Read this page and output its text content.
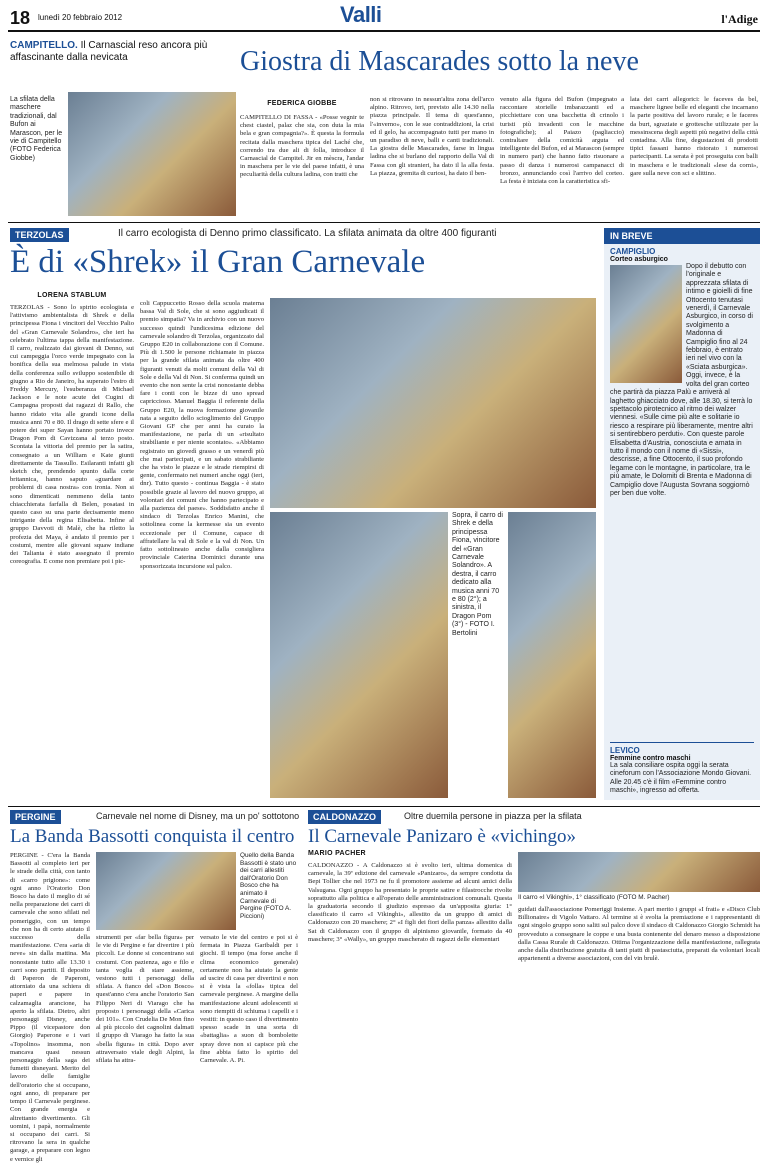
18 lunedì 20 febbraio 2012	Valli	l'Adige
CAMPITELLO. Il Carnascial reso ancora più affascinante dalla nevicata	Giostra di Mascarades sotto la neve
La sfilata della maschere tradizionali, dal Bufon ai Marascon, per le vie di Campitello (FOTO Federica Giobbe)
FEDERICA GIOBBE
CAMPITELLO DI FASSA - «Posse vegnir te chest ciastel, palaz che sia, con duta la mia bela e gran compagnia?». È questa la formula recitata dalla maschera tipica del Laché che, correndo tra due ali di folla, introduce il Carnascial de Campitel. Jir en mèscra, l'andar in maschera per le vie del paese infatti, è una peculiarità della cultura ladina, con tratti che
non si ritrovano in nessun'altra zona dell'arco alpino. Ritrovo, ieri, previsto alle 14.30 nella piazza principale. Il tema di quest'anno, l'«inverno», con le sue contraddizioni, la crisi ed il gelo, ha accompagnato tutti per mano in un paradiso di neve, balli e canti tradizionali. La giostra delle Mascarades, farse in lingua ladina che si burlano del rapporto della Val di Fassa con gli stranieri, ha dato il la alla festa. La piazza, gremita di curiosi, ha dato il ben-
venuto alla figura del Bufon (impegnato a raccontare storielle imbarazzanti ed a picchiettare con una bacchetta di crinolo i turisti più invadenti con le macchine fotografiche); al Paiazo (pagliaccio) contraltare della comicità arguta ed intelligente del Bufon, ed ai Marascon (sempre in numero pari) che hanno fatto risuonare a passo di danza i numerosi campanacci di bronzo, annunciando così l'arrivo del corteo. La festa è iniziata con la caratteristica sfi-
lata dei carri allegorici: le faceves da bel, maschere lignee belle ed eleganti che incarnano la parte positiva del lavoro rurale; e le faceres da burt, sgraziate e grottesche utilizzate per la messinscena degli aspetti più negativi della città contadina. Alla fine, degustazioni di prodotti tipici fassani hanno ristorato i numerosi partecipanti. La serata è poi proseguita con balli in maschera e le tradizionali «lese da corni», gare sulla neve con sci e slittino.
TERZOLAS	Il carro ecologista di Denno primo classificato. La sfilata animata da oltre 400 figuranti
È di «Shrek» il Gran Carnevale
LORENA STABLUM
TERZOLAS - Sono lo spirito ecologista e l'attivismo ambientalista di Shrek e della principessa Fiona i vincitori del Vecchio Palio del «Gran Carnevale Solandro», che ieri ha celebrato l'ultima tappa della manifestazione. Il carro, realizzato dai giovani di Denno, sui cui campeggia l'orco verde impegnato con la bonifica della sua melmosa palude in vista della conferenza sullo sviluppo sostenibile di giugno a Rio de Janeiro, ha superato l'estro di Freddy Mercury, l'esuberanza di Michael Jackson e le note acute dei Cugini di Campagna proposti dai ragazzi di Rallo, che hanno ridato vita alle grandi icone della musica anni 70 e 80. Il drago di sette sfere e il potere dei super Sayan hanno portato invece Dragon Pom di Cavizzana al terzo posto. Scontata la vittoria del premio per la satira, consegnato a un William e Kate giunti direttamente da Tassullo. Esilaranti infatti gli sketch che, prendendo spunto dalla corte britannica, hanno saputo «guardare ai problemi di casa nostra» con ironia. Non si sono dimenticati nemmeno della tanto chiacchierata farfalla di Belen, posatasi in questo caso su una parte decisamente meno intrigante della regina Elisabetta. Infine al gruppo Davvoti di Malè, che ha riletto la profezia dei Maya, è andato il premio per i costumi, mentre alle giovani squaw indiane dei Talianta è stato assegnato il premio coreografia. E come non premiare poi i pic-
coli Cappuccetto Rosso della scuola materna bassa Val di Sole, che si sono aggiudicati il premio simpatia? Va in archivio con un nuovo successo quindi l'undicesima edizione del carnevale solandro di Terzolas, organizzato dal Gruppo E20 in collaborazione con il Comune. Più di 1.500 le persone richiamate in piazza per la grande sfilata animata da oltre 400 figuranti venuti da molti comuni della Val di Sole e della Val di Non. Si conferma quindi un evento che non sente la crisi nonostante debba fare i conti con le bizze di uno spread capriccioso. Manuel Baggia il referente della Gruppo E20, la nuova formazione giovanile nata a seguito dello scioglimento del Gruppo Giovani GF che per anni ha curato la manifestazione, ne parla di un «risultato strabiliante e per niente scontato». «Abbiamo registrato un giovedì grasso e un venerdì più che mai partecipati, e un sabato strabiliante che ha visto le piazze e le strade riempirsi di gente, confermato nei numeri anche oggi (ieri, dnr). Tutto questo - continua Baggia - è stato possibile grazie al lavoro del nuovo gruppo, ai volontari dei comuni che hanno partecipato e alla pazienza del paese». Soddisfatto anche il sindaco di Terzolas Enrico Manini, che sottolinea come la kermesse sia un evento eccezionale per il Comune, capace di affratellare la val di Sole e la val di Non. Un fatto sottolineato anche dalla consigliera provinciale Caterina Dominici durante una sponsorizzata incursione sul palco.
Sopra, il carro di Shrek e della principessa Fiona, vincitore del «Gran Carnevale Solandro». A destra, il carro dedicato alla musica anni 70 e 80 (2°); a sinistra, il Dragon Pom (3°) - FOTO I. Bertolini
IN BREVE
CAMPIGLIO
Corteo asburgico
Dopo il debutto con l'originale e apprezzata sfilata di intimo e gioielli di fine Ottocento tenutasi venerdì, il Carnevale Asburgico, in corso di svolgimento a Madonna di Campiglio fino al 24 febbraio, è entrato ieri nel vivo con la «Sciata asburgica». Oggi, invece, è la volta del gran corteo che partirà da piazza Palù e arriverà al laghetto ghiacciato dove, alle 18.30, si terrà lo spettacolo pirotecnico al ritmo dei walzer viennesi. «Sulle cime più alte e solitarie io riesco a respirare più liberamente, mentre altri si sentirebbero perduti». Con queste parole Elisabetta d'Austria, conosciuta e amata in tutto il mondo con il nome di «Sissi», descrisse, a fine Ottocento, il suo profondo legame con le montagne, in particolare, tra le più amate, le Dolomiti di Brenta e Madonna di Campiglio dove l'Augusta Sovrana soggiornò per ben due volte.
LEVICO
Femmine contro maschi
La sala consiliare ospita oggi la serata cineforum con l'Associazione Mondo Giovani. Alle 20.45 c'è il film «Femmine contro maschi», ingresso ad offerta.
PERGINE	Carnevale nel nome di Disney, ma un po' sottotono
La Banda Bassotti conquista il centro
PERGINE - C'era la Banda Bassotti al completo ieri per le strade della città, con tanto di «carro prigione»: come ogni anno l'Oratorio Don Bosco ha dato il meglio di sé nella preparazione dei carri di carnevale che sono sfilati nel pomeriggio, con un tempo che non ha di certo aiutato il successo della manifestazione. C'era «aria di neve» sin dalla mattina. Ma nonostante tutto alle 13.30 i carri sono partiti. Il deposito di Paperon de Paperoni, attorniato da una schiera di paperi e papere in calzamaglia arancione, ha aperto la sfilata. Dietro, altri personaggi Disney, anche Pippo (il vicepastore don Giorgio) Paperone e i vari «Topolino» insomma, non mancava quasi nessun personaggio della saga dei fumetti disneyani. Merito del lavoro delle famiglie dell'oratorio che si occupano, ogni anno, di preparare per tempo il Carnevale perginese. Con grande energia e altrettanto divertimento. Gli uomini, i papà, normalmente si occupano dei carri. Si ritrovano la sera in qualche garage, a preparare con legno e vernice gli
Quello della Banda Bassotti è stato uno dei carri allestiti dall'Oratorio Don Bosco che ha animato il Carnevale di Pergine (FOTO A. Piccioni)
strumenti per «far bella figura» per le vie di Pergine e far divertire i più piccoli. Le donne si concentrano sui costumi. Con pazienza, ago e filo e tanta voglia di stare assieme, vestono tutti i personaggi della sfilata. A fianco del «Don Bosco» quest'anno c'era anche l'oratorio San Filippo Neri di Viarago che ha proposto i personaggi della «Carica dei 101». Con Crudelia De Mon fino al più piccolo dei cagnolini dalmati il gruppo di Viarago ha fatto la sua «bella figura» in città. Dopo aver attraversato viale degli Alpini, la sfilata ha attra-
versato le vie del centro e poi si è fermata in Piazza Garibaldi per i giochi. Il tempo (ma forse anche il clima economico generale) certamente non ha aiutato la gente ad uscire di casa per divertirsi e non si è vista la «folla» tipica del carnevale perginese. A margine della manifestazione alcuni adolescenti si sono riempiti di schiuma i capelli e i vestiti: in questo caso il divertimento spesso scade in una sorta di «battaglia» a suon di bombolette spray dove non si capisce più che fine abbia fatto lo spirito del Carnevale. A. Pi.
CALDONAZZO	Oltre duemila persone in piazza per la sfilata
Il Carnevale Panizaro è «vichingo»
MARIO PACHER
CALDONAZZO - A Caldonazzo si è svolto ieri, ultima domenica di carnevale, la 39ª edizione del carnevale «Panizaro», da sempre condotta da Bepi Tollier che nel 1973 ne fu il promotore assieme ad alcuni amici della Valsugana. Ogni gruppo ha presentato le proprie satire e filastrocche rivolte soprattutto alla politica e all'operato delle amministrazioni comunali. Questa la graduatoria secondo il giudizio espresso da un'apposita giuria: 1° classificato il carro «I Vikinghi», allestito da un gruppo di amici di Caldonazzo con 20 maschere; 2° «I figli dei fiori della panza» allestito dalla Sat di Caldonazzo con il gruppo di alpinismo giovanile, formato da 40 maschere; 3° «Wally», un gruppo mascherato di ragazzi delle elementari
Il carro «I Vikinghi», 1° classificato (FOTO M. Pacher)
guidati dall'associazione Pomeriggi Insieme. A pari merito i gruppi «I frati» e «Disco Club Billionaire» di Vigolo Vattaro. Al termine si è svolta la premiazione e i rappresentanti di ogni singolo gruppo sono saliti sul palco dove il sindaco di Caldonazzo Giorgio Schmidt ha provveduto a consegnare le coppe e una busta contenente del denaro messo a disposizione dalla Cassa Rurale di Caldonazzo. Ottima l'organizzazione della manifestazione, rallegrata anche dalla distribuzione gratuita di tanti piatti di pastasciutta, preparati da volontari locali appartenenti a diverse associazioni, con del vin brulè.
